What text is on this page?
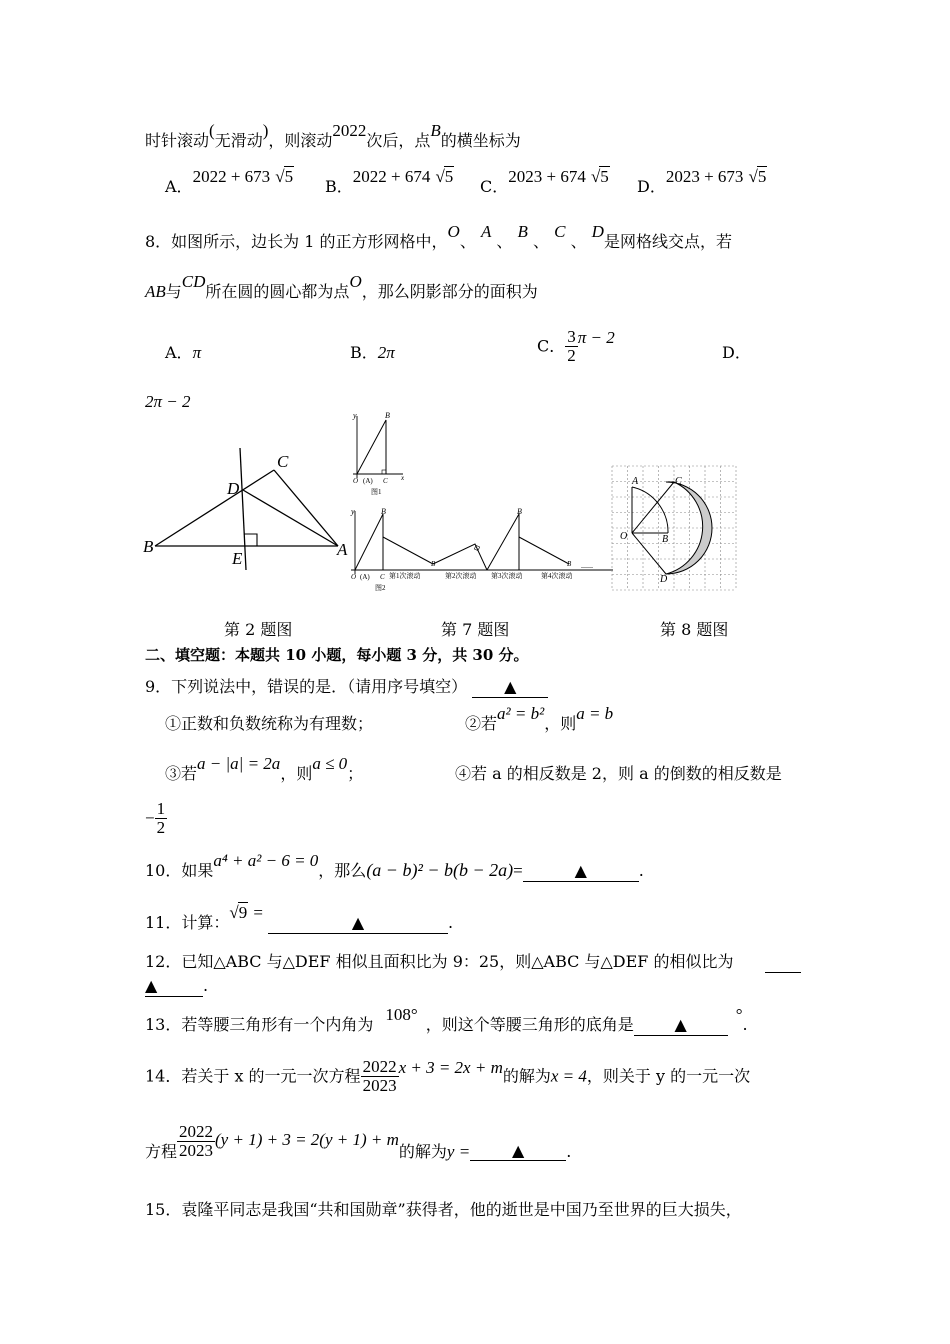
时针滚动(无滑动)，则滚动2022次后，点B的横坐标为
A．2022 + 673 √5
B．2022 + 674 √5
C．2023 + 674 √5
D．2023 + 673 √5
8．如图所示，边长为 1 的正方形网格中，O、 A 、 B 、 C 、 D是网格线交点，若
AB与CD所在圆的圆心都为点O，那么阴影部分的面积为
A．π	B．2π	C． $\frac{3}{2}$ π − 2
D．
2π − 2
C
D
B
E	A
y	B
O (A) C x
图1
y	B
B
B
B
O (A) C
......
第1次滚动	第2次滚动 第3次滚动	第4次滚动
图2
A	C
O	B
D
第 2 题图	第 7 题图	第 8 题图
二、填空题：本题共 10 小题，每小题 3 分，共 30 分。
9．下列说法中，错误的是．（请用序号填空） ▲
①正数和负数统称为有理数；	②若a² = b²，则a = b
③若a − |a| = 2a，则a ≤ 0；	④若 a 的相反数是 2，则 a 的倒数的相反数是
− $\frac{1}{2}$
10．如果a⁴ + a² − 6 = 0，那么(a − b)² − b(b − 2a)=	▲	.
11．计算：√9 = ▲	.
12．已知△ABC 与△DEF 相似且面积比为 9：25，则△ABC 与△DEF 的相似比为

▲	.
13．若等腰三角形有一个内角为108°，则这个等腰三角形的底角是	▲°.
14．若关于 x 的一元一次方程 $\frac{2022}{2023}$ x + 3 = 2x + m的解为x = 4，则关于 y 的一元一次
方程 $\frac{2022}{2023} (y + 1) + 3 = 2(y + 1) + m$的解为y =	▲	.
15．袁隆平同志是我国“共和国勋章”获得者，他的逝世是中国乃至世界的巨大损失，
